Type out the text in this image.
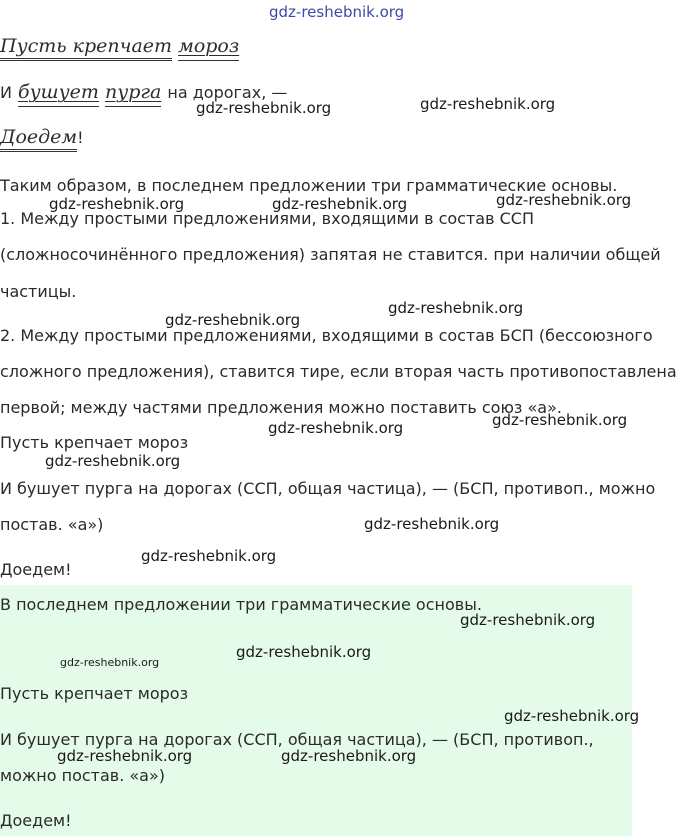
gdz-reshebnik.org
Пусть крепчает мороз
И бушует пурга на дорогах, —
Доедем!
Таким образом, в последнем предложении три грамматические основы.
1. Между простыми предложениями, входящими в состав ССП
(сложносочинённого предложения) запятая не ставится. при наличии общей
частицы.
2. Между простыми предложениями, входящими в состав БСП (бессоюзного
сложного предложения), ставится тире, если вторая часть противопоставлена
первой; между частями предложения можно поставить союз «а».
Пусть крепчает мороз
И бушует пурга на дорогах (ССП, общая частица), — (БСП, противоп., можно
постав. «а»)
Доедем!
В последнем предложении три грамматические основы.
Пусть крепчает мороз
И бушует пурга на дорогах (ССП, общая частица), — (БСП, противоп.,
можно постав. «а»)
Доедем!
gdz-reshebnik.org	gdz-reshebnik.org
gdz-reshebnik.org
gdz-reshebnik.org	gdz-reshebnik.org
gdz-reshebnik.org
gdz-reshebnik.org
gdz-reshebnik.org
gdz-reshebnik.org
gdz-reshebnik.org
gdz-reshebnik.org
gdz-reshebnik.org
gdz-reshebnik.org
gdz-reshebnik.org
gdz-reshebnik.org
gdz-reshebnik.org
gdz-reshebnik.org	gdz-reshebnik.org
